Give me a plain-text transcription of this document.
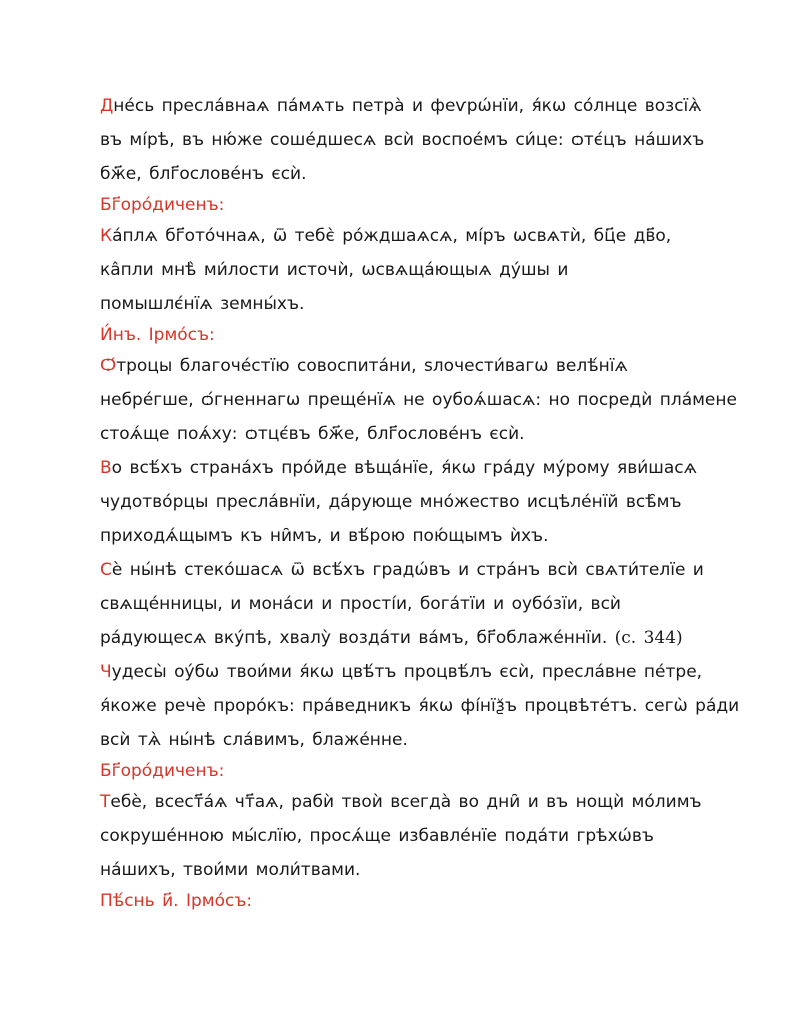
Дне́сь пресла́внаѧ па́мѧть петра̀ и феѵрѡ́нїи, я́кѡ со́лнце возсїѧ̀
въ мі́рѣ, въ ню́же соше́дшесѧ всѝ воспое́мъ си́це: ѻтє́цъ на́шихъ
бж҃е, блг҃ослове́нъ єсѝ.
Бг҃оро́диченъ:
Ка́плѧ бг҃ото́чнаѧ, ѿ тебє̀ ро́ждшаѧсѧ, мі́ръ ѡсвѧтѝ, бц҃е дв҃о,
ка̂пли мнѣ̀ ми́лости источѝ, ѡсвѧща́ющыѧ ду́шы и
помышлє́нїѧ земны́хъ.
И́нъ. Ірмо́съ:
Ѻ́троцы благоче́стїю совоспита́ни, ѕлочести́вагѡ велѣ́нїѧ
небре́гше, ѻ́гненнагѡ преще́нїѧ не оубоѧ́шасѧ: но посредѝ пла́мене
стоѧ́ще поѧ́ху: ѻтцє́въ бж҃е, блг҃ослове́нъ єсѝ.
Во всѣ́хъ страна́хъ про́йде вѣща́нїе, я́кѡ гра́ду му́рому яви́шасѧ
чудотво́рцы пресла́внїи, да́рующе мно́жество исцѣле́нїй всѣ̑мъ
приходѧ́щымъ къ ни̑мъ, и вѣ́рою пою́щымъ ѝхъ.
Сѐ ны́нѣ стеко́шасѧ ѿ всѣ́хъ градѡ́въ и стра́нъ всѝ свѧти́телїе и
свѧще́нницы, и мона́си и прості́и, бога́тїи и оубо́зїи, всѝ
ра́дующесѧ вку́пѣ, хвалу̀ возда́ти ва́мъ, бг҃облаже́ннїи. (с. 344)
Чудесы̀ оу́бѡ твои́ми я́кѡ цвѣ́тъ процвѣ́лъ єсѝ, пресла́вне пе́тре,
я́коже речѐ проро́къ: пра́ведникъ я́кѡ фі́нїѯъ процвѣте́тъ. сегѡ̀ ра́ди
всѝ тѧ̀ ны́нѣ сла́вимъ, блаже́нне.
Бг҃оро́диченъ:
Тебѐ, всест҃а́ѧ чт҃аѧ, рабѝ твоѝ всегда̀ во дни̑ и въ нощѝ мо́лимъ
сокруше́нною мы́слїю, просѧ́ще избавле́нїе пода́ти грѣхѡ́въ
на́шихъ, твои́ми моли́твами.
Пѣ́снь и҃. Ірмо́съ:
